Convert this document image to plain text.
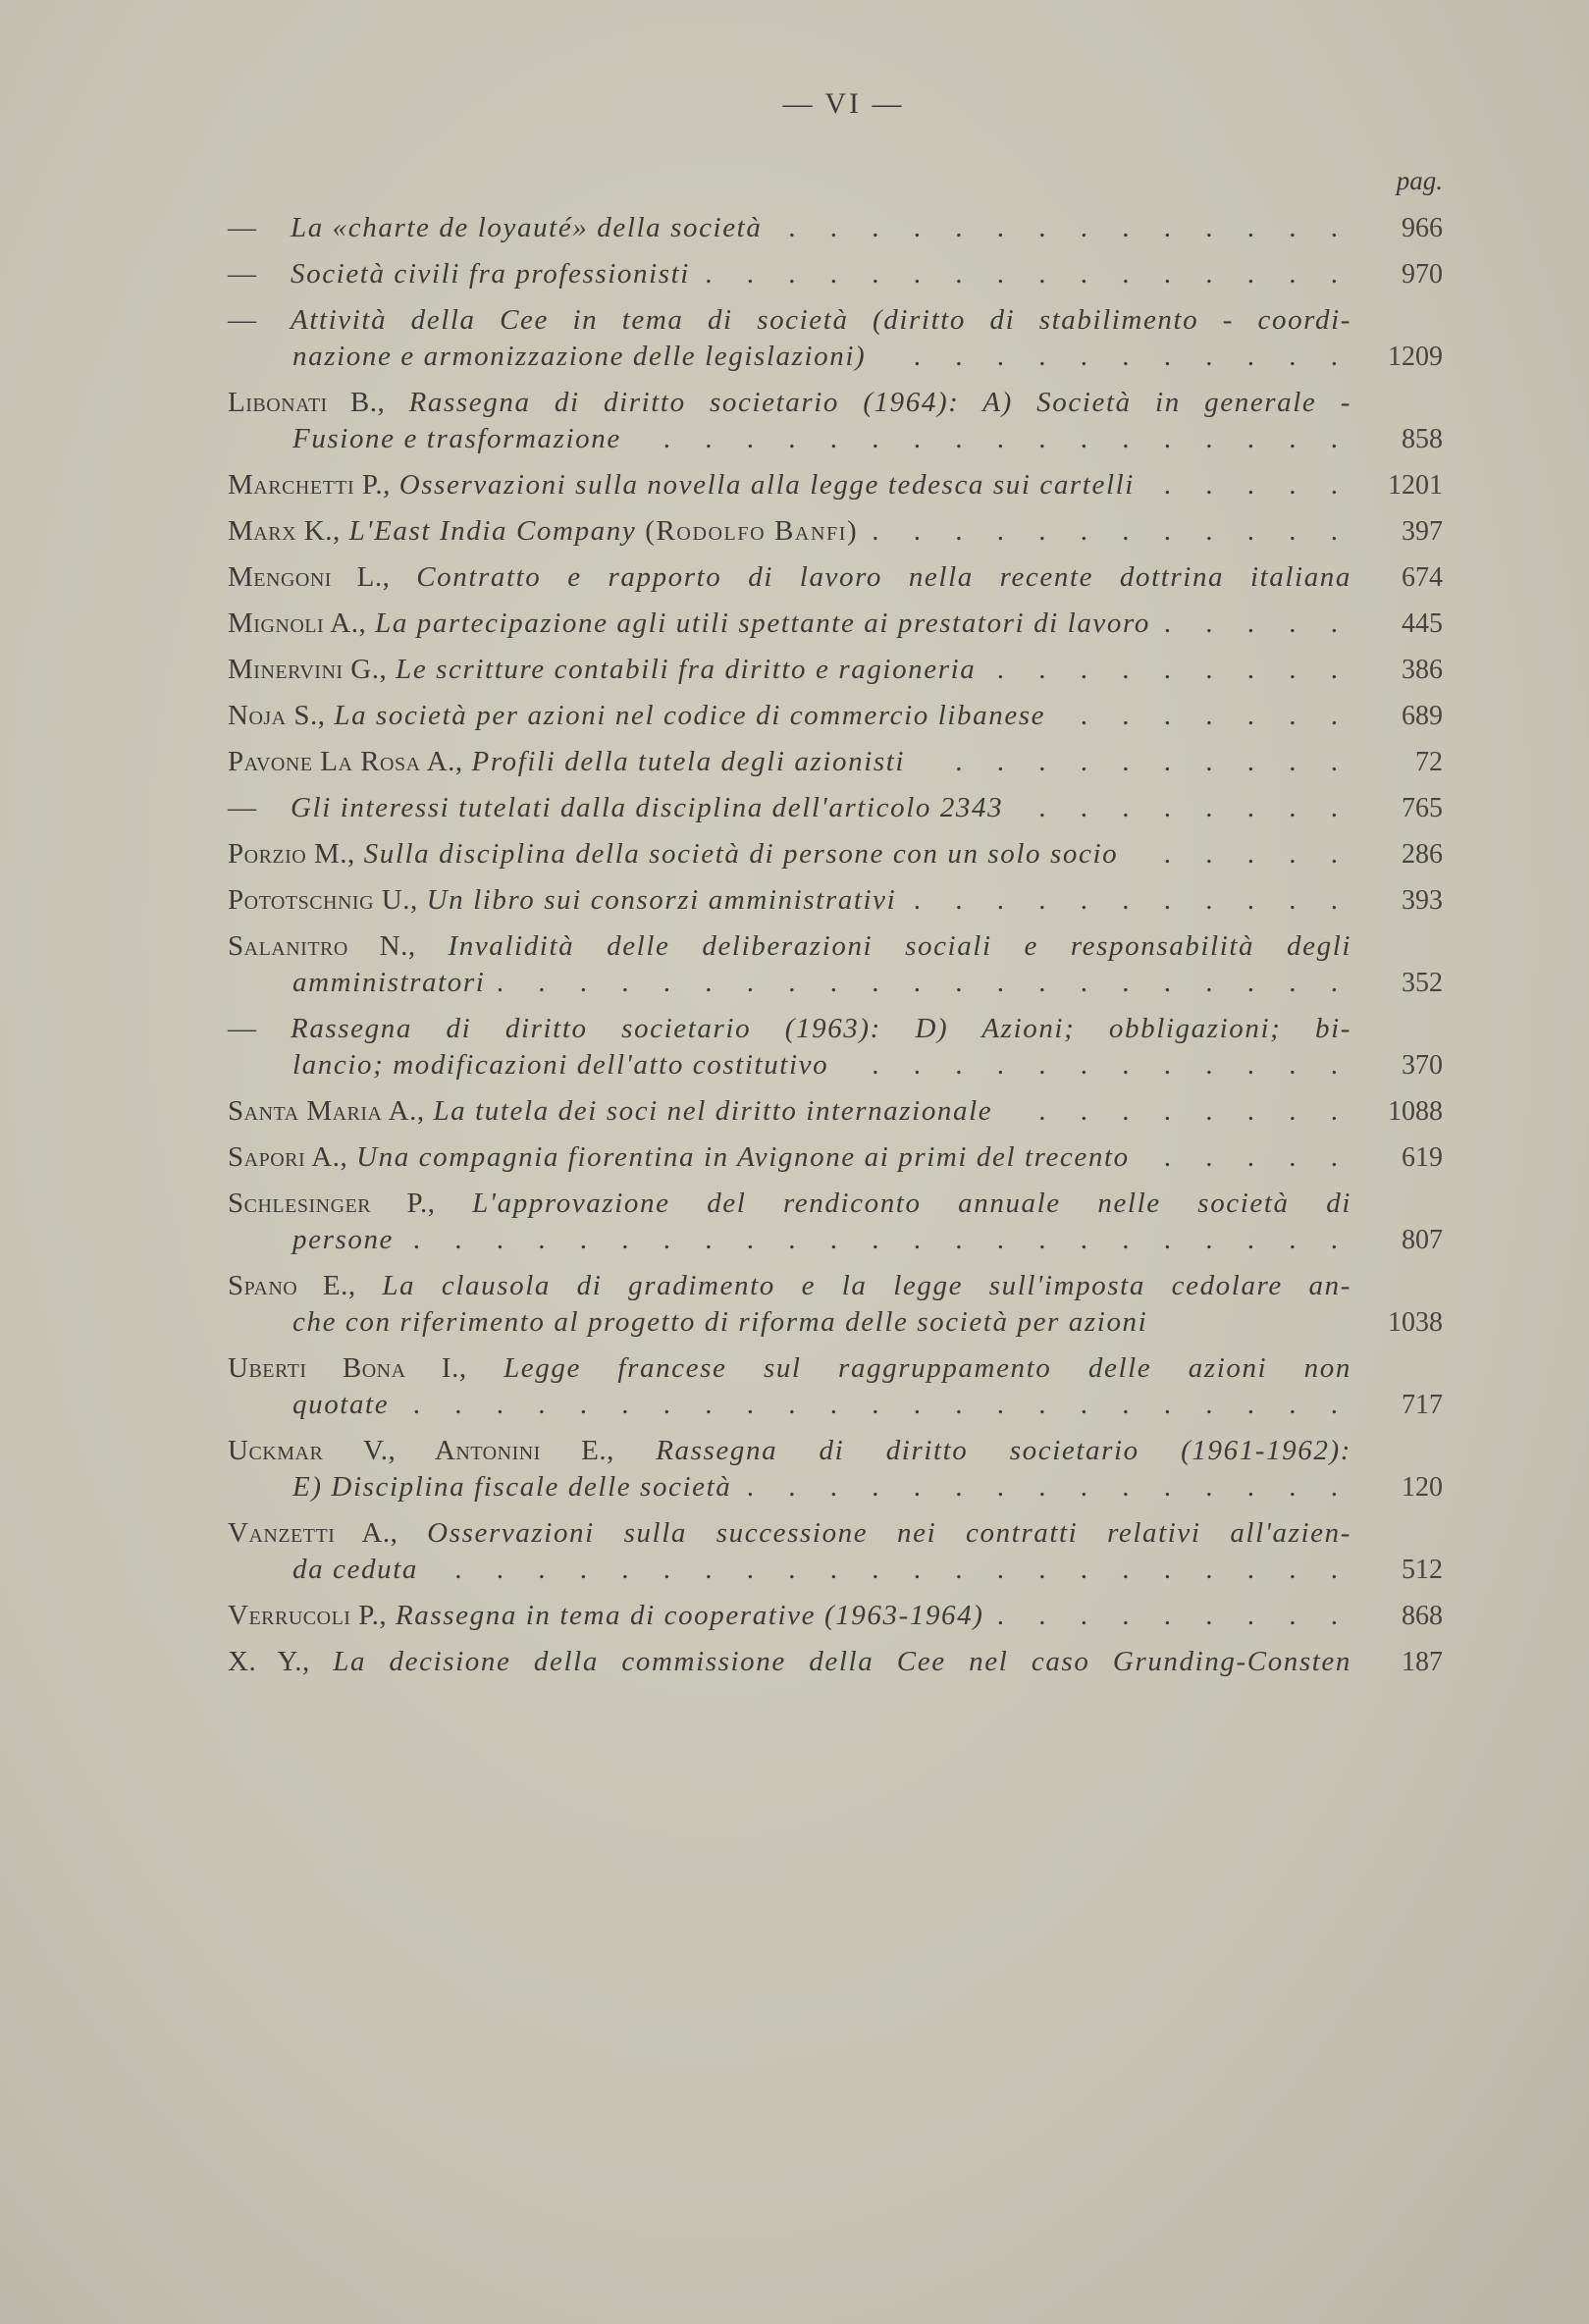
— VI —
pag.
— La «charte de loyauté» della società . . .	966
— Società civili fra professionisti . . .	970
— Attività della Cee in tema di società (diritto di stabilimento - coordi-
nazione e armonizzazione delle legislazioni) . . .	1209
Libonati B., Rassegna di diritto societario (1964): A) Società in generale -
Fusione e trasformazione . . .	858
Marchetti P., Osservazioni sulla novella alla legge tedesca sui cartelli . . .	1201
Marx K., L'East India Company (Rodolfo Banfi) . . .	397
Mengoni L., Contratto e rapporto di lavoro nella recente dottrina italiana	674
Mignoli A., La partecipazione agli utili spettante ai prestatori di lavoro . . .	445
Minervini G., Le scritture contabili fra diritto e ragioneria . . .	386
Noja S., La società per azioni nel codice di commercio libanese . . .	689
Pavone La Rosa A., Profili della tutela degli azionisti . . .	72
— Gli interessi tutelati dalla disciplina dell'articolo 2343 . . .	765
Porzio M., Sulla disciplina della società di persone con un solo socio . . .	286
Pototschnig U., Un libro sui consorzi amministrativi . . .	393
Salanitro N., Invalidità delle deliberazioni sociali e responsabilità degli
amministratori . . .	352
— Rassegna di diritto societario (1963): D) Azioni; obbligazioni; bi-
lancio; modificazioni dell'atto costitutivo . . .	370
Santa Maria A., La tutela dei soci nel diritto internazionale . . .	1088
Sapori A., Una compagnia fiorentina in Avignone ai primi del trecento . . .	619
Schlesinger P., L'approvazione del rendiconto annuale nelle società di
persone . . .	807
Spano E., La clausola di gradimento e la legge sull'imposta cedolare an-
che con riferimento al progetto di riforma delle società per azioni	1038
Uberti Bona I., Legge francese sul raggruppamento delle azioni non
quotate . . .	717
Uckmar V., Antonini E., Rassegna di diritto societario (1961-1962):
E) Disciplina fiscale delle società . . .	120
Vanzetti A., Osservazioni sulla successione nei contratti relativi all'azien-
da ceduta . . .	512
Verrucoli P., Rassegna in tema di cooperative (1963-1964) . . .	868
X. Y., La decisione della commissione della Cee nel caso Grunding-Consten	187
